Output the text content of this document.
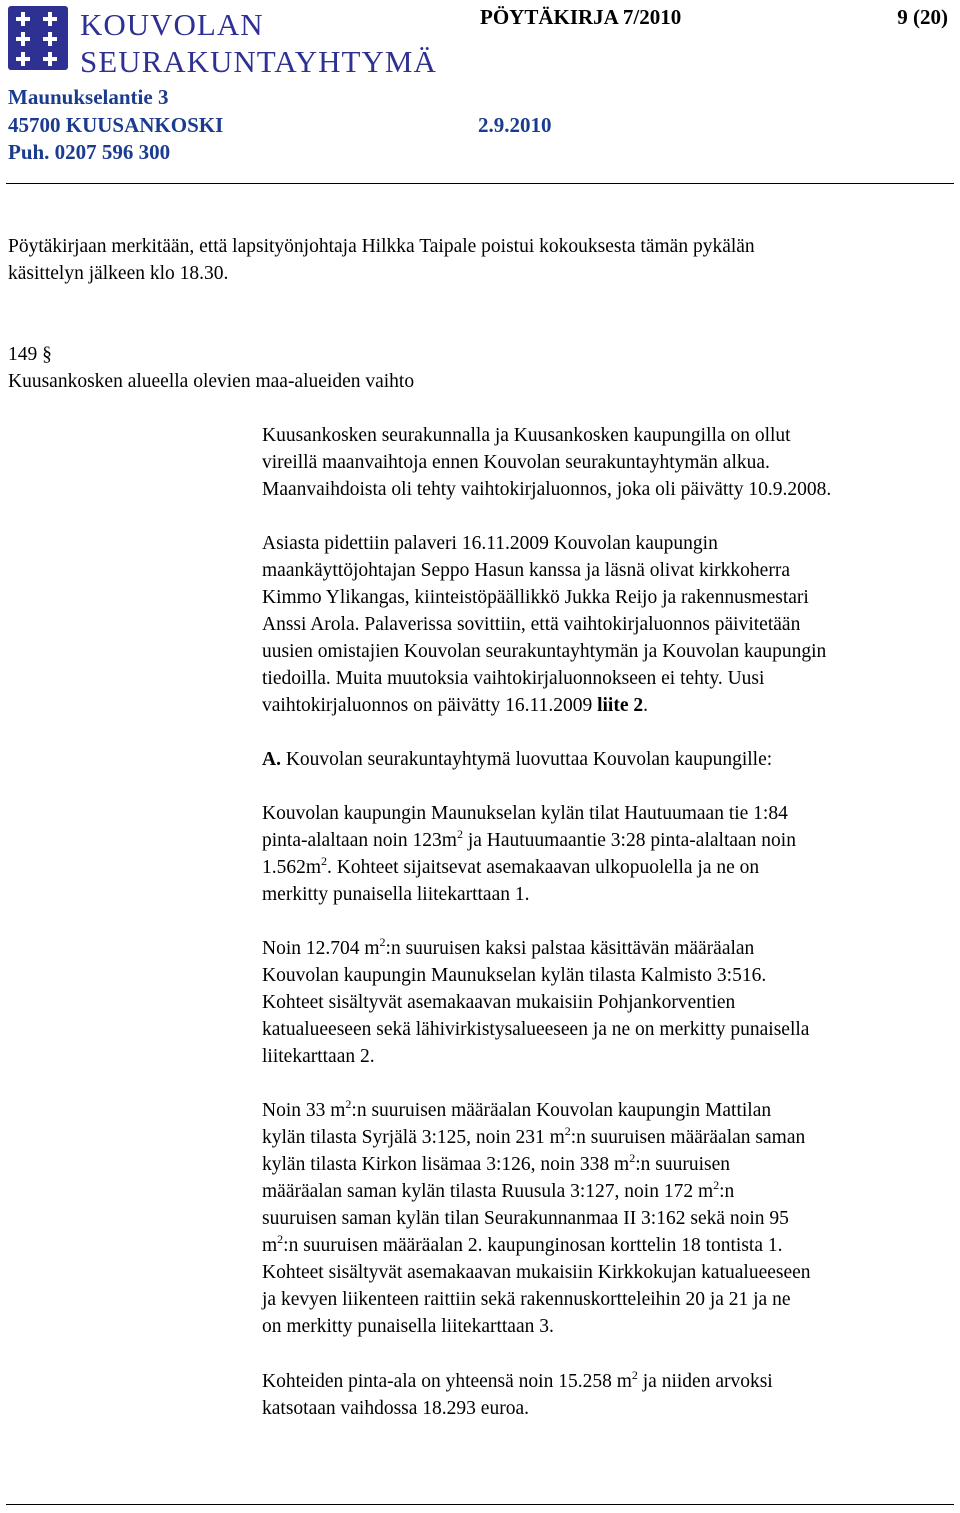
KOUVOLAN
SEURAKUNTAYHTYMÄ
PÖYTÄKIRJA 7/2010	9 (20)
Maunukselantie 3
45700 KUUSANKOSKI	2.9.2010
Puh. 0207 596 300
Pöytäkirjaan merkitään, että lapsityönjohtaja Hilkka Taipale poistui kokouksesta tämän pykälän
käsittelyn jälkeen klo 18.30.
149 §
Kuusankosken alueella olevien maa-alueiden vaihto
Kuusankosken seurakunnalla ja Kuusankosken kaupungilla on ollut
vireillä maanvaihtoja ennen Kouvolan seurakuntayhtymän alkua.
Maanvaihdoista oli tehty vaihtokirjaluonnos, joka oli päivätty 10.9.2008.
Asiasta pidettiin palaveri 16.11.2009 Kouvolan kaupungin
maankäyttöjohtajan Seppo Hasun kanssa ja läsnä olivat kirkkoherra
Kimmo Ylikangas, kiinteistöpäällikkö Jukka Reijo ja rakennusmestari
Anssi Arola. Palaverissa sovittiin, että vaihtokirjaluonnos päivitetään
uusien omistajien Kouvolan seurakuntayhtymän ja Kouvolan kaupungin
tiedoilla. Muita muutoksia vaihtokirjaluonnokseen ei tehty. Uusi
vaihtokirjaluonnos on päivätty 16.11.2009 liite 2.
A. Kouvolan seurakuntayhtymä luovuttaa Kouvolan kaupungille:
Kouvolan kaupungin Maunukselan kylän tilat Hautuumaan tie 1:84
pinta-alaltaan noin $123m^2$ ja Hautuumaantie 3:28 pinta-alaltaan noin
$1.562m^2$. Kohteet sijaitsevat asemakaavan ulkopuolella ja ne on
merkitty punaisella liitekarttaan 1.
Noin 12.704 $m^2:n$ suuruisen kaksi palstaa käsittävän määräalan
Kouvolan kaupungin Maunukselan kylän tilasta Kalmisto 3:516.
Kohteet sisältyvät asemakaavan mukaisiin Pohjankorventien
katualueeseen sekä lähivirkistysalueeseen ja ne on merkitty punaisella
liitekarttaan 2.
Noin 33 $m^2:n$ suuruisen määräalan Kouvolan kaupungin Mattilan
kylän tilasta Syrjälä 3:125, noin 231 $m^2:n$ suuruisen määräalan saman
kylän tilasta Kirkon lisämaa 3:126, noin 338 $m^2:n$ suuruisen
määräalan saman kylän tilasta Ruusula 3:127, noin 172 $m^2:n$
suuruisen saman kylän tilan Seurakunnanmaa II 3:162 sekä noin 95
$m^2:n$ suuruisen määräalan 2. kaupunginosan korttelin 18 tontista 1.
Kohteet sisältyvät asemakaavan mukaisiin Kirkkokujan katualueeseen
ja kevyen liikenteen raittiin sekä rakennuskortteleihin 20 ja 21 ja ne
on merkitty punaisella liitekarttaan 3.
Kohteiden pinta-ala on yhteensä noin 15.258 $m^2$ ja niiden arvoksi
katsotaan vaihdossa 18.293 euroa.
